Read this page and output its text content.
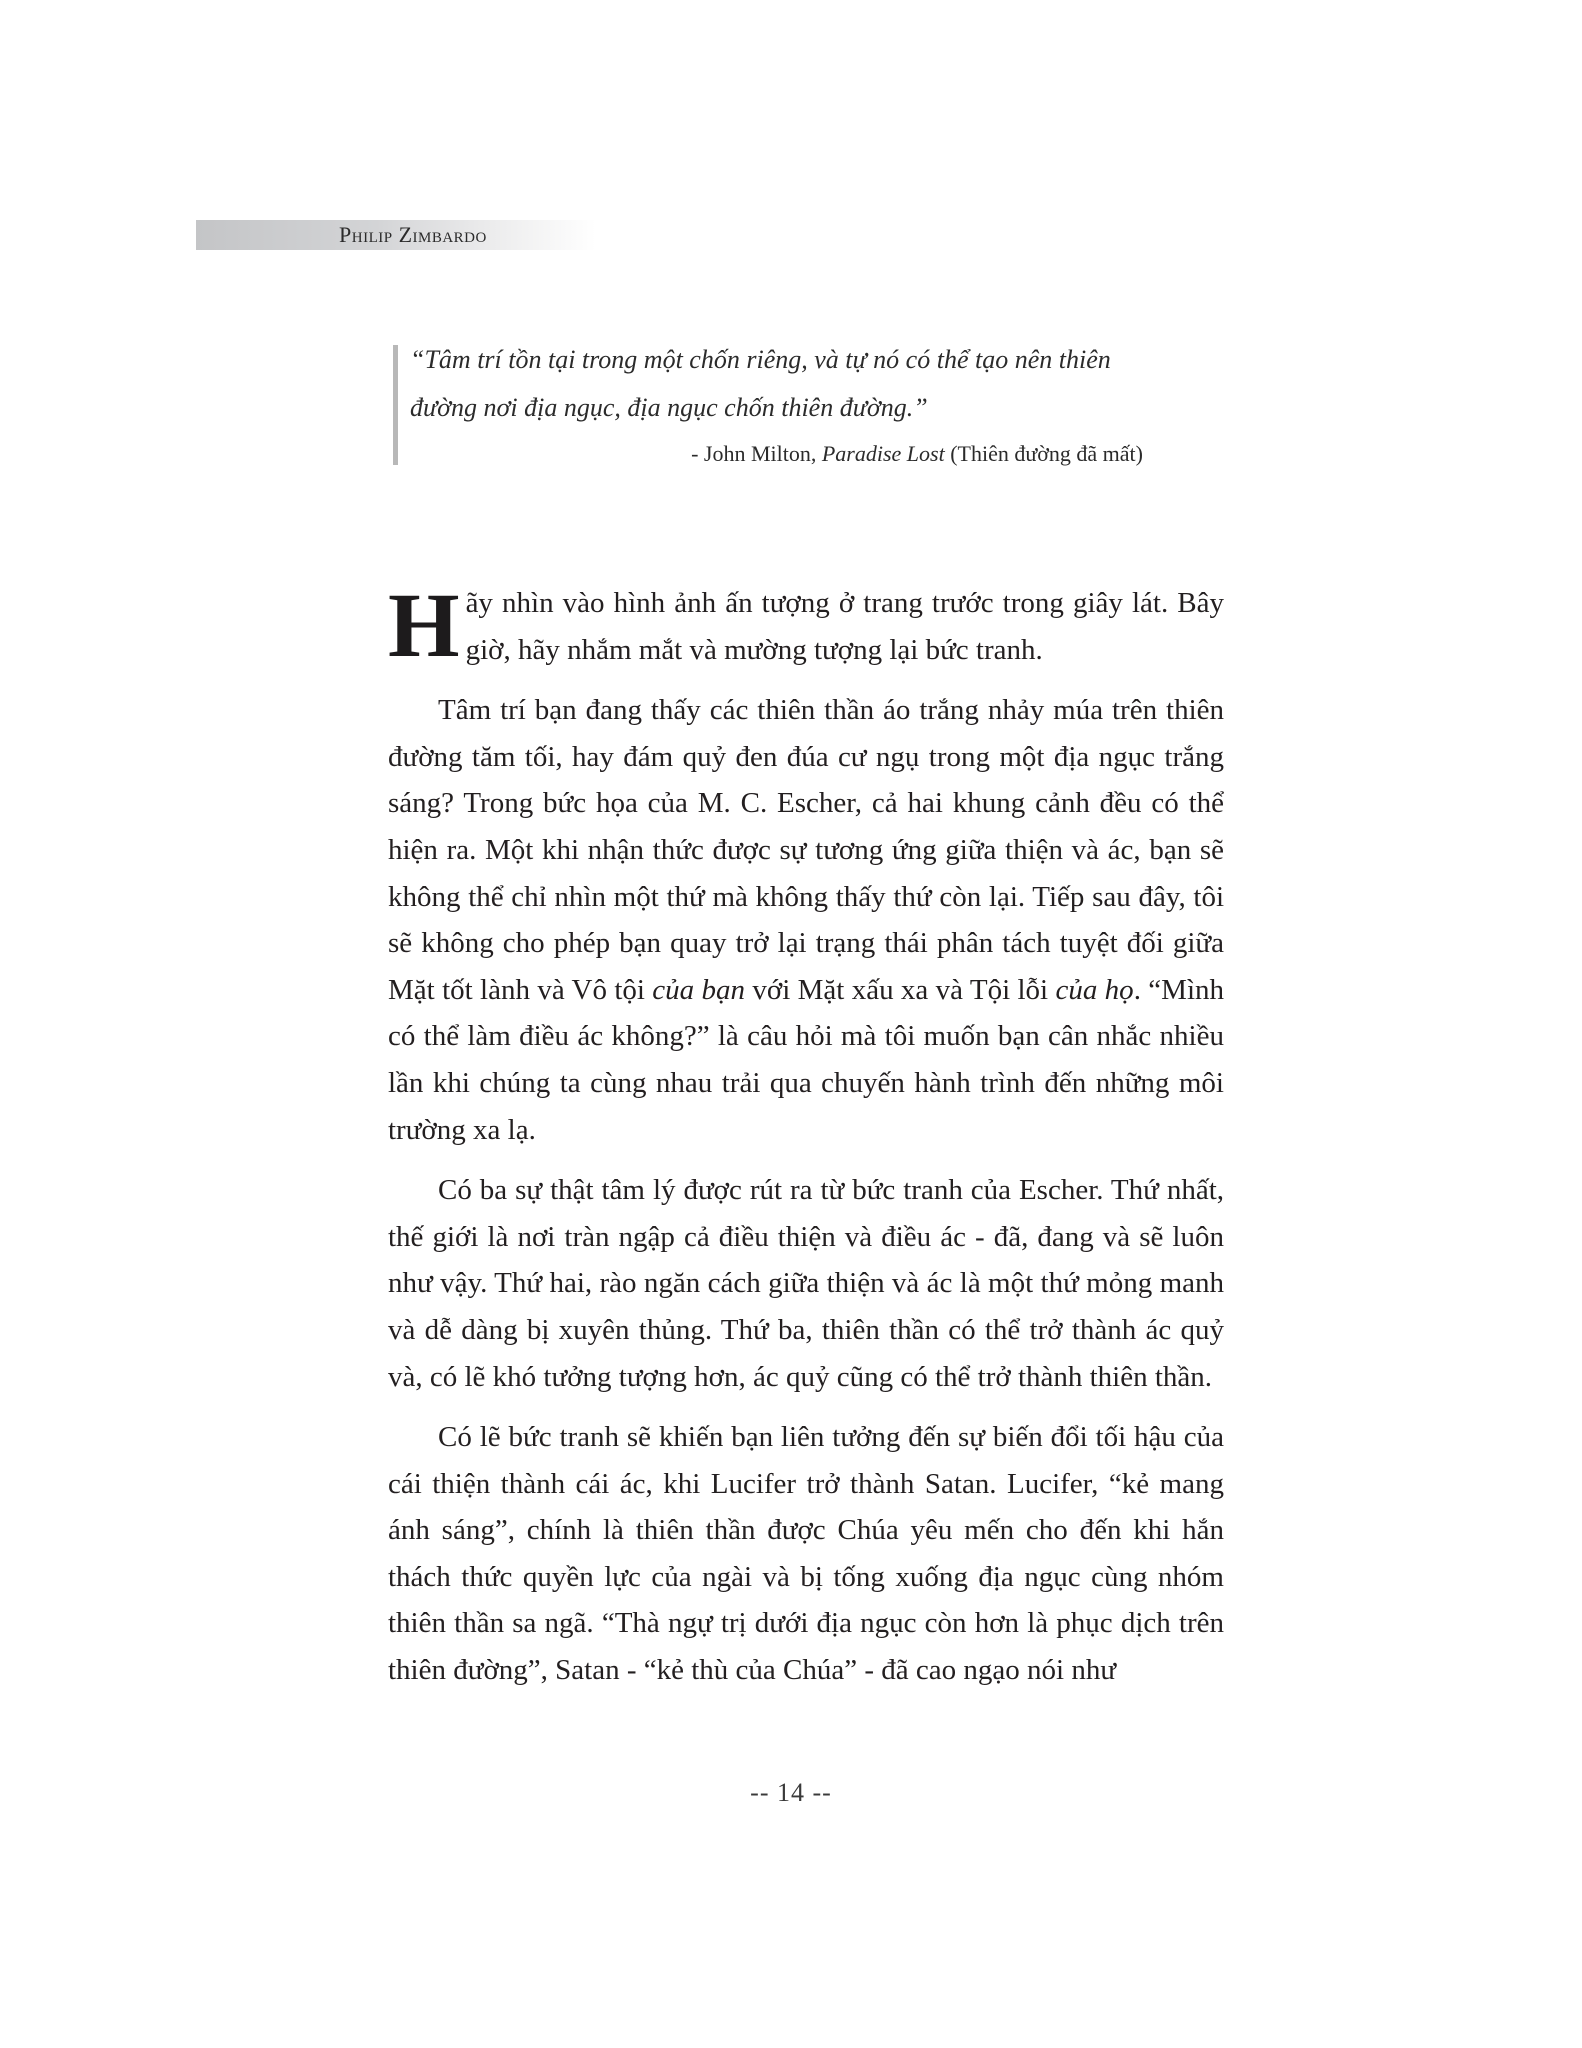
Philip Zimbardo
“Tâm trí tồn tại trong một chốn riêng, và tự nó có thể tạo nên thiên
đường nơi địa ngục, địa ngục chốn thiên đường.”
- John Milton, Paradise Lost (Thiên đường đã mất)

Hãy nhìn vào hình ảnh ấn tượng ở trang trước trong giây lát. Bây giờ, hãy nhắm mắt và mường tượng lại bức tranh.

Tâm trí bạn đang thấy các thiên thần áo trắng nhảy múa trên thiên đường tăm tối, hay đám quỷ đen đúa cư ngụ trong một địa ngục trắng sáng? Trong bức họa của M. C. Escher, cả hai khung cảnh đều có thể hiện ra. Một khi nhận thức được sự tương ứng giữa thiện và ác, bạn sẽ không thể chỉ nhìn một thứ mà không thấy thứ còn lại. Tiếp sau đây, tôi sẽ không cho phép bạn quay trở lại trạng thái phân tách tuyệt đối giữa Mặt tốt lành và Vô tội của bạn với Mặt xấu xa và Tội lỗi của họ. “Mình có thể làm điều ác không?” là câu hỏi mà tôi muốn bạn cân nhắc nhiều lần khi chúng ta cùng nhau trải qua chuyến hành trình đến những môi trường xa lạ.

Có ba sự thật tâm lý được rút ra từ bức tranh của Escher. Thứ nhất, thế giới là nơi tràn ngập cả điều thiện và điều ác - đã, đang và sẽ luôn như vậy. Thứ hai, rào ngăn cách giữa thiện và ác là một thứ mỏng manh và dễ dàng bị xuyên thủng. Thứ ba, thiên thần có thể trở thành ác quỷ và, có lẽ khó tưởng tượng hơn, ác quỷ cũng có thể trở thành thiên thần.

Có lẽ bức tranh sẽ khiến bạn liên tưởng đến sự biến đổi tối hậu của cái thiện thành cái ác, khi Lucifer trở thành Satan. Lucifer, “kẻ mang ánh sáng”, chính là thiên thần được Chúa yêu mến cho đến khi hắn thách thức quyền lực của ngài và bị tống xuống địa ngục cùng nhóm thiên thần sa ngã. “Thà ngự trị dưới địa ngục còn hơn là phục dịch trên thiên đường”, Satan - “kẻ thù của Chúa” - đã cao ngạo nói như

-- 14 --
